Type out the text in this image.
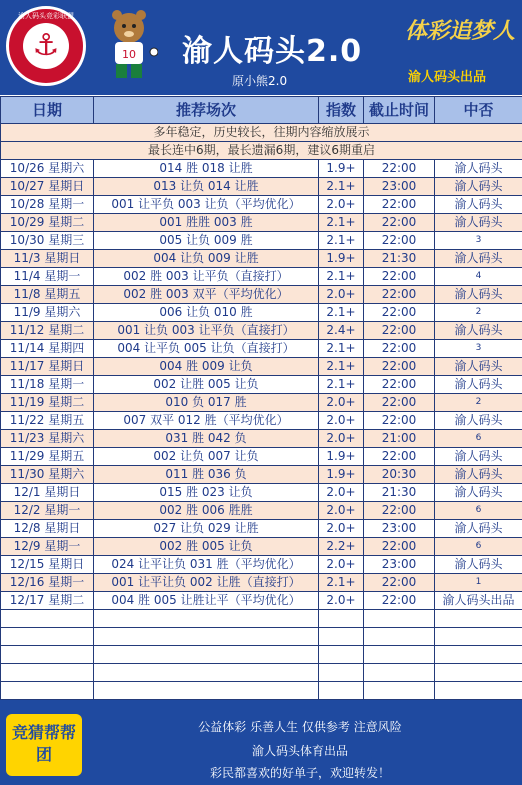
渝人码头竞彩联盟
⚓	10 渝人码头2.0
原小熊2.0
体彩追梦人
渝人码头出品
日期	推荐场次	指数	截止时间	中否
多年稳定，历史较长，往期内容缩放展示				
最长连中6期，最长遗漏6期，建议6期重启				
10/26 星期六	014 胜 018 让胜	1.9+	22:00	渝人码头
10/27 星期日	013 让负 014 让胜	2.1+	23:00	渝人码头
10/28 星期一	001 让平负 003 让负（平均优化）	2.0+	22:00	渝人码头
10/29 星期二	001 胜胜 003 胜	2.1+	22:00	渝人码头
10/30 星期三	005 让负 009 胜	2.1+	22:00	3
11/3 星期日	004 让负 009 让胜	1.9+	21:30	渝人码头
11/4 星期一	002 胜 003 让平负（直接打）	2.1+	22:00	4
11/8 星期五	002 胜 003 双平（平均优化）	2.0+	22:00	渝人码头
11/9 星期六	006 让负 010 胜	2.1+	22:00	2
11/12 星期二	001 让负 003 让平负（直接打）	2.4+	22:00	渝人码头
11/14 星期四	004 让平负 005 让负（直接打）	2.1+	22:00	3
11/17 星期日	004 胜 009 让负	2.1+	22:00	渝人码头
11/18 星期一	002 让胜 005 让负	2.1+	22:00	渝人码头
11/19 星期二	010 负 017 胜	2.0+	22:00	2
11/22 星期五	007 双平 012 胜（平均优化）	2.0+	22:00	渝人码头
11/23 星期六	031 胜 042 负	2.0+	21:00	6
11/29 星期五	002 让负 007 让负	1.9+	22:00	渝人码头
11/30 星期六	011 胜 036 负	1.9+	20:30	渝人码头
12/1 星期日	015 胜 023 让负	2.0+	21:30	渝人码头
12/2 星期一	002 胜 006 胜胜	2.0+	22:00	6
12/8 星期日	027 让负 029 让胜	2.0+	23:00	渝人码头
12/9 星期一	002 胜 005 让负	2.2+	22:00	6
12/15 星期日	024 让平让负 031 胜（平均优化）	2.0+	23:00	渝人码头
12/16 星期一	001 让平让负 002 让胜（直接打）	2.1+	22:00	1
12/17 星期二	004 胜 005 让胜让平（平均优化）	2.0+	22:00	渝人码头出品

竞猜帮帮团
公益体彩 乐善人生 仅供参考 注意风险
渝人码头体育出品
彩民都喜欢的好单子，欢迎转发！
